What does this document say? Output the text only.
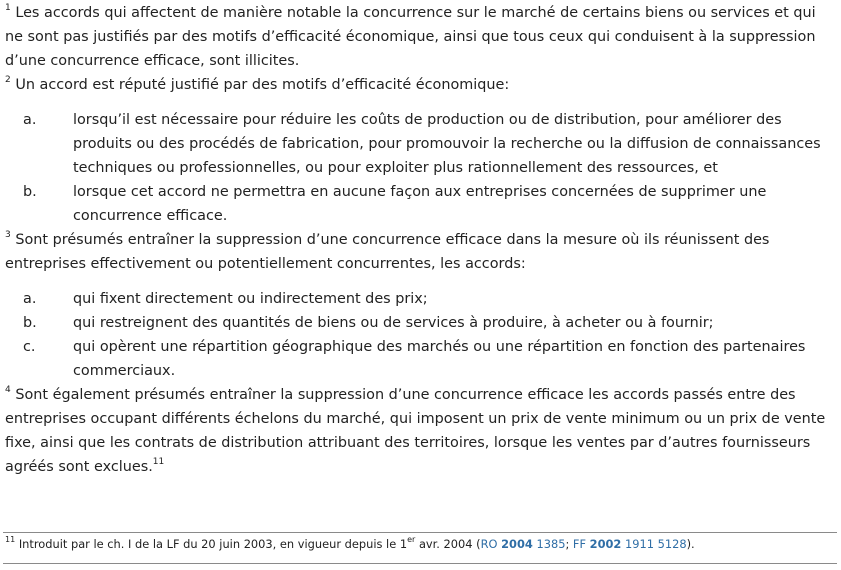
$^1$ Les accords qui affectent de manière notable la concurrence sur le marché de certains biens ou services et qui ne sont pas justifiés par des motifs d’efficacité économique, ainsi que tous ceux qui conduisent à la suppression d’une concurrence efficace, sont illicites.

$^2$ Un accord est réputé justifié par des motifs d’efficacité économique:

a.	lorsqu’il est nécessaire pour réduire les coûts de production ou de distribution, pour améliorer des produits ou des procédés de fabrication, pour promouvoir la recherche ou la diffusion de connaissances techniques ou professionnelles, ou pour exploiter plus rationnellement des ressources, et
b.	lorsque cet accord ne permettra en aucune façon aux entreprises concernées de supprimer une concurrence efficace.

$^3$ Sont présumés entraîner la suppression d’une concurrence efficace dans la mesure où ils réunissent des entreprises effectivement ou potentiellement concurrentes, les accords:

a.	qui fixent directement ou indirectement des prix;
b.	qui restreignent des quantités de biens ou de services à produire, à acheter ou à fournir;
c.	qui opèrent une répartition géographique des marchés ou une répartition en fonction des partenaires commerciaux.

$^4$ Sont également présumés entraîner la suppression d’une concurrence efficace les accords passés entre des entreprises occupant différents échelons du marché, qui imposent un prix de vente minimum ou un prix de vente fixe, ainsi que les contrats de distribution attribuant des territoires, lorsque les ventes par d’autres fournisseurs agréés sont exclues.$^{11}$

$^{11}$ Introduit par le ch. I de la LF du 20 juin 2003, en vigueur depuis le 1er avr. 2004 (RO 2004 1385; FF 2002 1911 5128).
